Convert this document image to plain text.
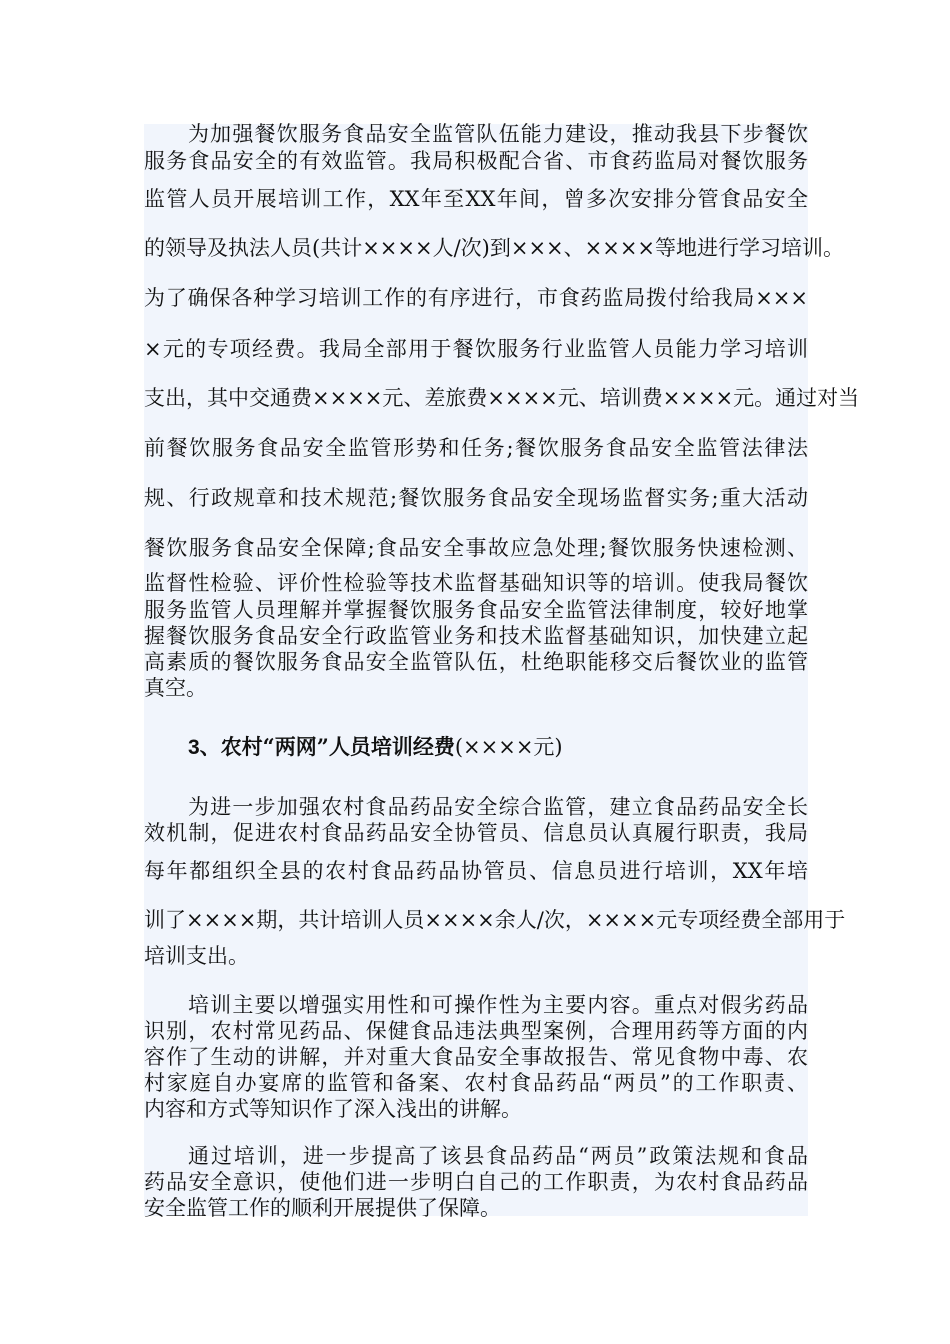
为加强餐饮服务食品安全监管队伍能力建设，推动我县下步餐饮
服务食品安全的有效监管。我局积极配合省、市食药监局对餐饮服务
监管人员开展培训工作，XX年至XX年间，曾多次安排分管食品安全
的领导及执法人员(共计××××人/次)到×××、××××等地进行学习培训。
为了确保各种学习培训工作的有序进行，市食药监局拨付给我局×××
×元的专项经费。我局全部用于餐饮服务行业监管人员能力学习培训
支出，其中交通费××××元、差旅费××××元、培训费××××元。通过对当
前餐饮服务食品安全监管形势和任务;餐饮服务食品安全监管法律法
规、行政规章和技术规范;餐饮服务食品安全现场监督实务;重大活动
餐饮服务食品安全保障;食品安全事故应急处理;餐饮服务快速检测、
监督性检验、评价性检验等技术监督基础知识等的培训。使我局餐饮
服务监管人员理解并掌握餐饮服务食品安全监管法律制度，较好地掌
握餐饮服务食品安全行政监管业务和技术监督基础知识，加快建立起
高素质的餐饮服务食品安全监管队伍，杜绝职能移交后餐饮业的监管
真空。
3、农村“两网”人员培训经费(××××元)
为进一步加强农村食品药品安全综合监管，建立食品药品安全长
效机制，促进农村食品药品安全协管员、信息员认真履行职责，我局
每年都组织全县的农村食品药品协管员、信息员进行培训，XX年培
训了××××期，共计培训人员××××余人/次，××××元专项经费全部用于
培训支出。
培训主要以增强实用性和可操作性为主要内容。重点对假劣药品
识别，农村常见药品、保健食品违法典型案例，合理用药等方面的内
容作了生动的讲解，并对重大食品安全事故报告、常见食物中毒、农
村家庭自办宴席的监管和备案、农村食品药品“两员”的工作职责、
内容和方式等知识作了深入浅出的讲解。
通过培训，进一步提高了该县食品药品“两员”政策法规和食品
药品安全意识，使他们进一步明白自己的工作职责，为农村食品药品
安全监管工作的顺利开展提供了保障。
